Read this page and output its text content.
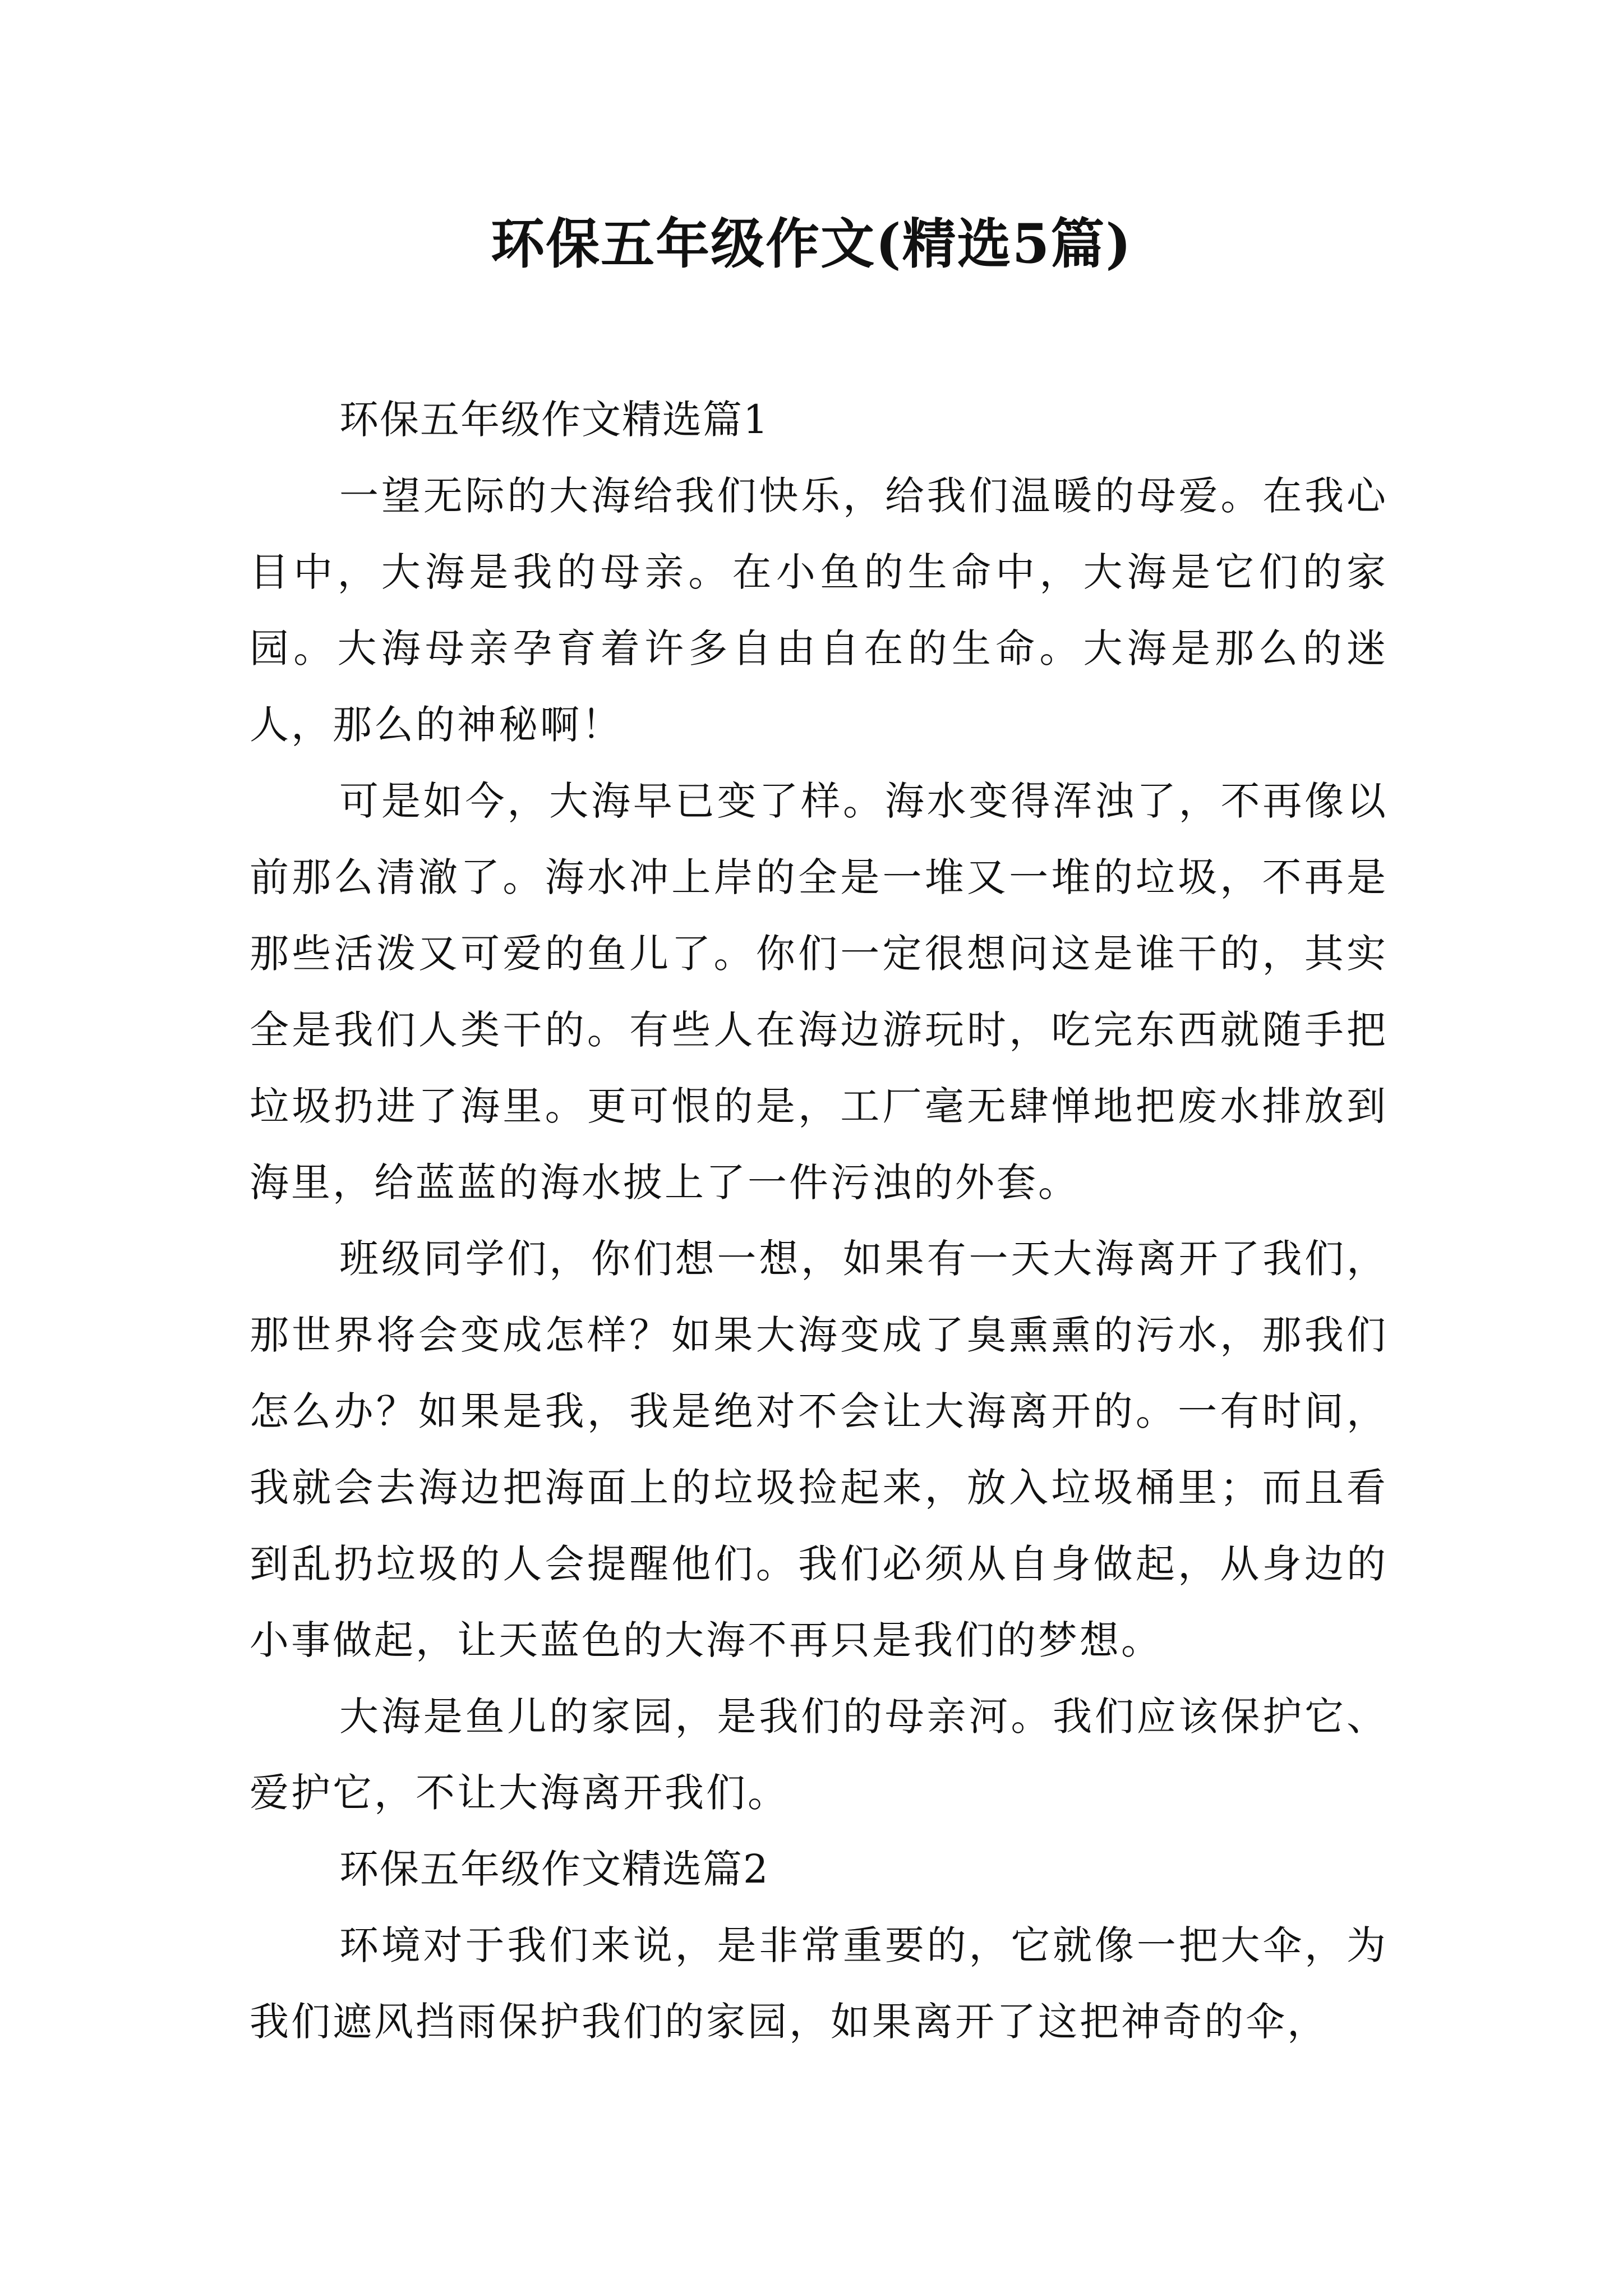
环保五年级作文(精选5篇)

环保五年级作文精选篇1

一望无际的大海给我们快乐，给我们温暖的母爱。在我心目中，大海是我的母亲。在小鱼的生命中，大海是它们的家园。大海母亲孕育着许多自由自在的生命。大海是那么的迷人，那么的神秘啊！

可是如今，大海早已变了样。海水变得浑浊了，不再像以前那么清澈了。海水冲上岸的全是一堆又一堆的垃圾，不再是那些活泼又可爱的鱼儿了。你们一定很想问这是谁干的，其实全是我们人类干的。有些人在海边游玩时，吃完东西就随手把垃圾扔进了海里。更可恨的是，工厂毫无肆惮地把废水排放到海里，给蓝蓝的海水披上了一件污浊的外套。

班级同学们，你们想一想，如果有一天大海离开了我们，那世界将会变成怎样？如果大海变成了臭熏熏的污水，那我们怎么办？如果是我，我是绝对不会让大海离开的。一有时间，我就会去海边把海面上的垃圾捡起来，放入垃圾桶里；而且看到乱扔垃圾的人会提醒他们。我们必须从自身做起，从身边的小事做起，让天蓝色的大海不再只是我们的梦想。

大海是鱼儿的家园，是我们的母亲河。我们应该保护它、爱护它，不让大海离开我们。

环保五年级作文精选篇2

环境对于我们来说，是非常重要的，它就像一把大伞，为我们遮风挡雨保护我们的家园，如果离开了这把神奇的伞，
